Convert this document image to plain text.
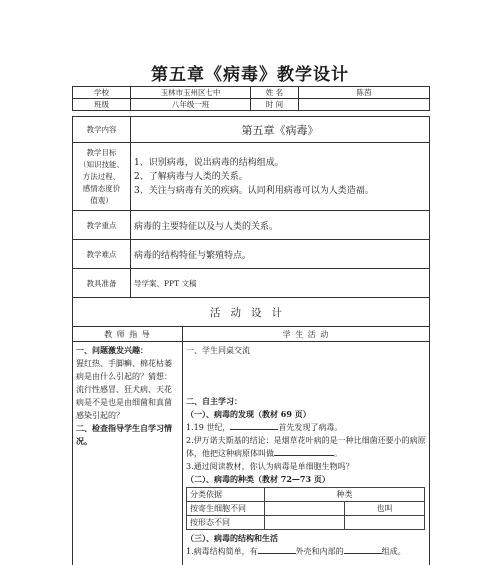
第五章《病毒》教学设计
学校	玉林市玉州区七中	姓 名	陈茵
班级	八年级一班	时 间	
教学内容	第五章《病毒》

教学目标
（知识技能、
方法过程、
感情态度价
值观）

1、识别病毒，说出病毒的结构组成。
2、了解病毒与人类的关系。
3、关注与病毒有关的疾病。认同利用病毒可以为人类造福。

教学重点	病毒的主要特征以及与人类的关系。
教学难点	病毒的结构特征与繁殖特点。
教具准备	导学案、PPT 文稿
活动设计
教 师 指 导	学 生 活 动

一、问题激发兴趣：
猩红热、手脚癣、棉花枯萎病是由什么引起的？猜想：流行性感冒、狂犬病、天花病是不是也是由细菌和真菌感染引起的？
二、检查指导学生自学习情况。

一、学生同桌交流
二、自主学习：
（一）、病毒的发现（教材 69 页）
1.19 世纪，	首先发现了病毒。
2.伊万诺夫斯基的结论：是烟草花叶病的是一种比细菌还要小的病原体，他把这种病原体叫做	。
3.通过阅读教材，你认为病毒是单细胞生物吗？
（二）、病毒的种类（教材 72—73 页）
分类依据	种类
按寄生细胞不同		也叫
按形态不同		
（三）、病毒的结构和生活
1.病毒结构简单，有	外壳和内部的	组成。
